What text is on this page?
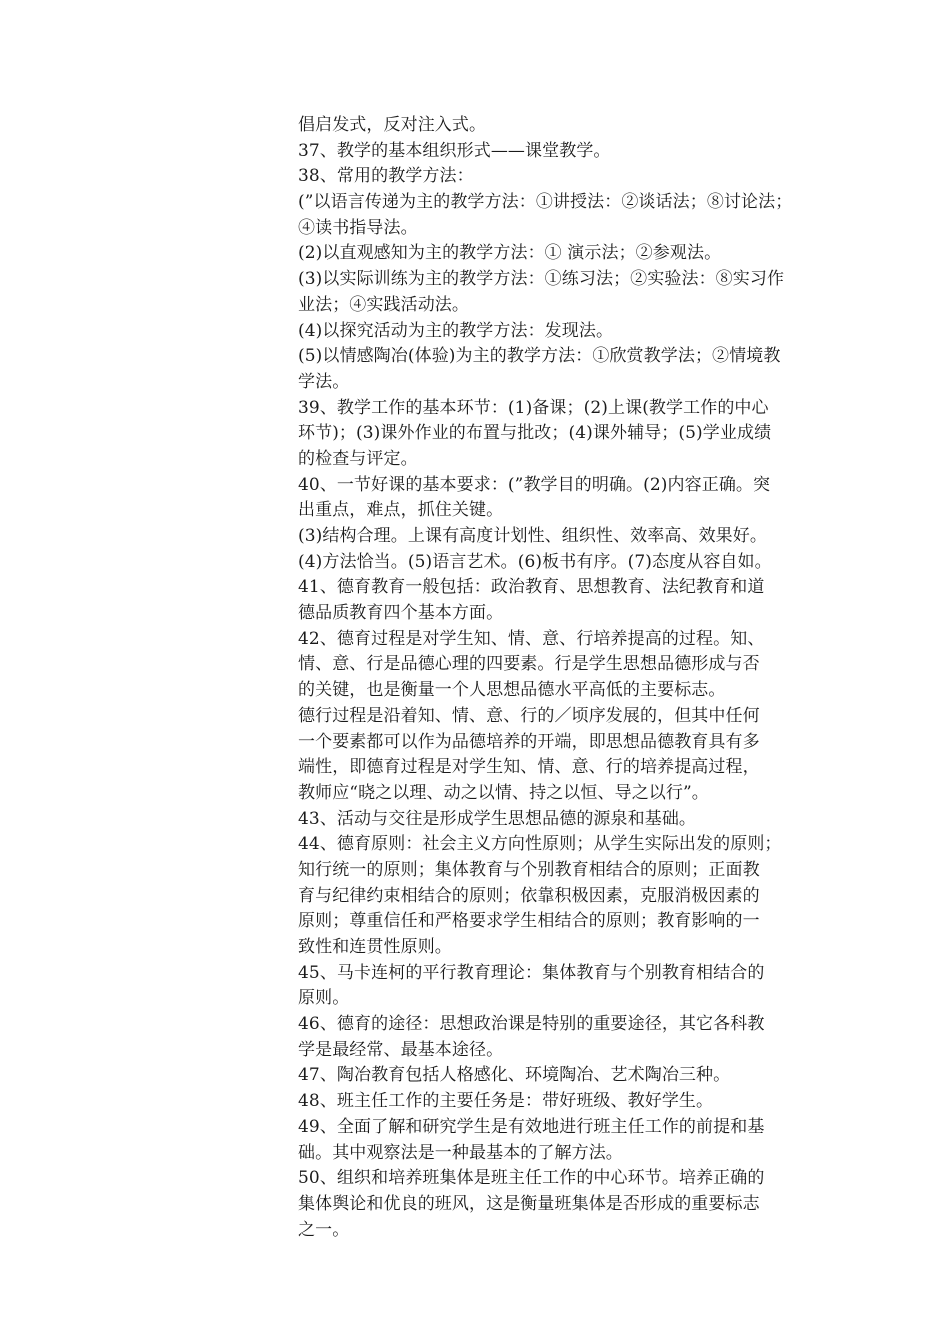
倡启发式，反对注入式。
37、教学的基本组织形式——课堂教学。
38、常用的教学方法：
(”以语言传递为主的教学方法：①讲授法：②谈话法；⑧讨论法；
④读书指导法。
(2)以直观感知为主的教学方法：① 演示法；②参观法。
(3)以实际训练为主的教学方法：①练习法；②实验法：⑧实习作
业法；④实践活动法。
(4)以探究活动为主的教学方法：发现法。
(5)以情感陶冶(体验)为主的教学方法：①欣赏教学法；②情境教
学法。
39、教学工作的基本环节：(1)备课；(2)上课(教学工作的中心
环节)；(3)课外作业的布置与批改；(4)课外辅导；(5)学业成绩
的检查与评定。
40、一节好课的基本要求：(”教学目的明确。(2)内容正确。突
出重点，难点，抓住关键。
(3)结构合理。上课有高度计划性、组织性、效率高、效果好。
(4)方法恰当。(5)语言艺术。(6)板书有序。(7)态度从容自如。
41、德育教育一般包括：政治教育、思想教育、法纪教育和道
德品质教育四个基本方面。
42、德育过程是对学生知、情、意、行培养提高的过程。知、
情、意、行是品德心理的四要素。行是学生思想品德形成与否
的关键，也是衡量一个人思想品德水平高低的主要标志。
德行过程是沿着知、情、意、行的／顷序发展的，但其中任何
一个要素都可以作为品德培养的开端，即思想品德教育具有多
端性，即德育过程是对学生知、情、意、行的培养提高过程，
教师应“晓之以理、动之以情、持之以恒、导之以行”。
43、活动与交往是形成学生思想品德的源泉和基础。
44、德育原则：社会主义方向性原则；从学生实际出发的原则；
知行统一的原则；集体教育与个别教育相结合的原则；正面教
育与纪律约束相结合的原则；依靠积极因素，克服消极因素的
原则；尊重信任和严格要求学生相结合的原则；教育影响的一
致性和连贯性原则。
45、马卡连柯的平行教育理论：集体教育与个别教育相结合的
原则。
46、德育的途径：思想政治课是特别的重要途径，其它各科教
学是最经常、最基本途径。
47、陶冶教育包括人格感化、环境陶冶、艺术陶冶三种。
48、班主任工作的主要任务是：带好班级、教好学生。
49、全面了解和研究学生是有效地进行班主任工作的前提和基
础。其中观察法是一种最基本的了解方法。
50、组织和培养班集体是班主任工作的中心环节。培养正确的
集体舆论和优良的班风，这是衡量班集体是否形成的重要标志
之一。
